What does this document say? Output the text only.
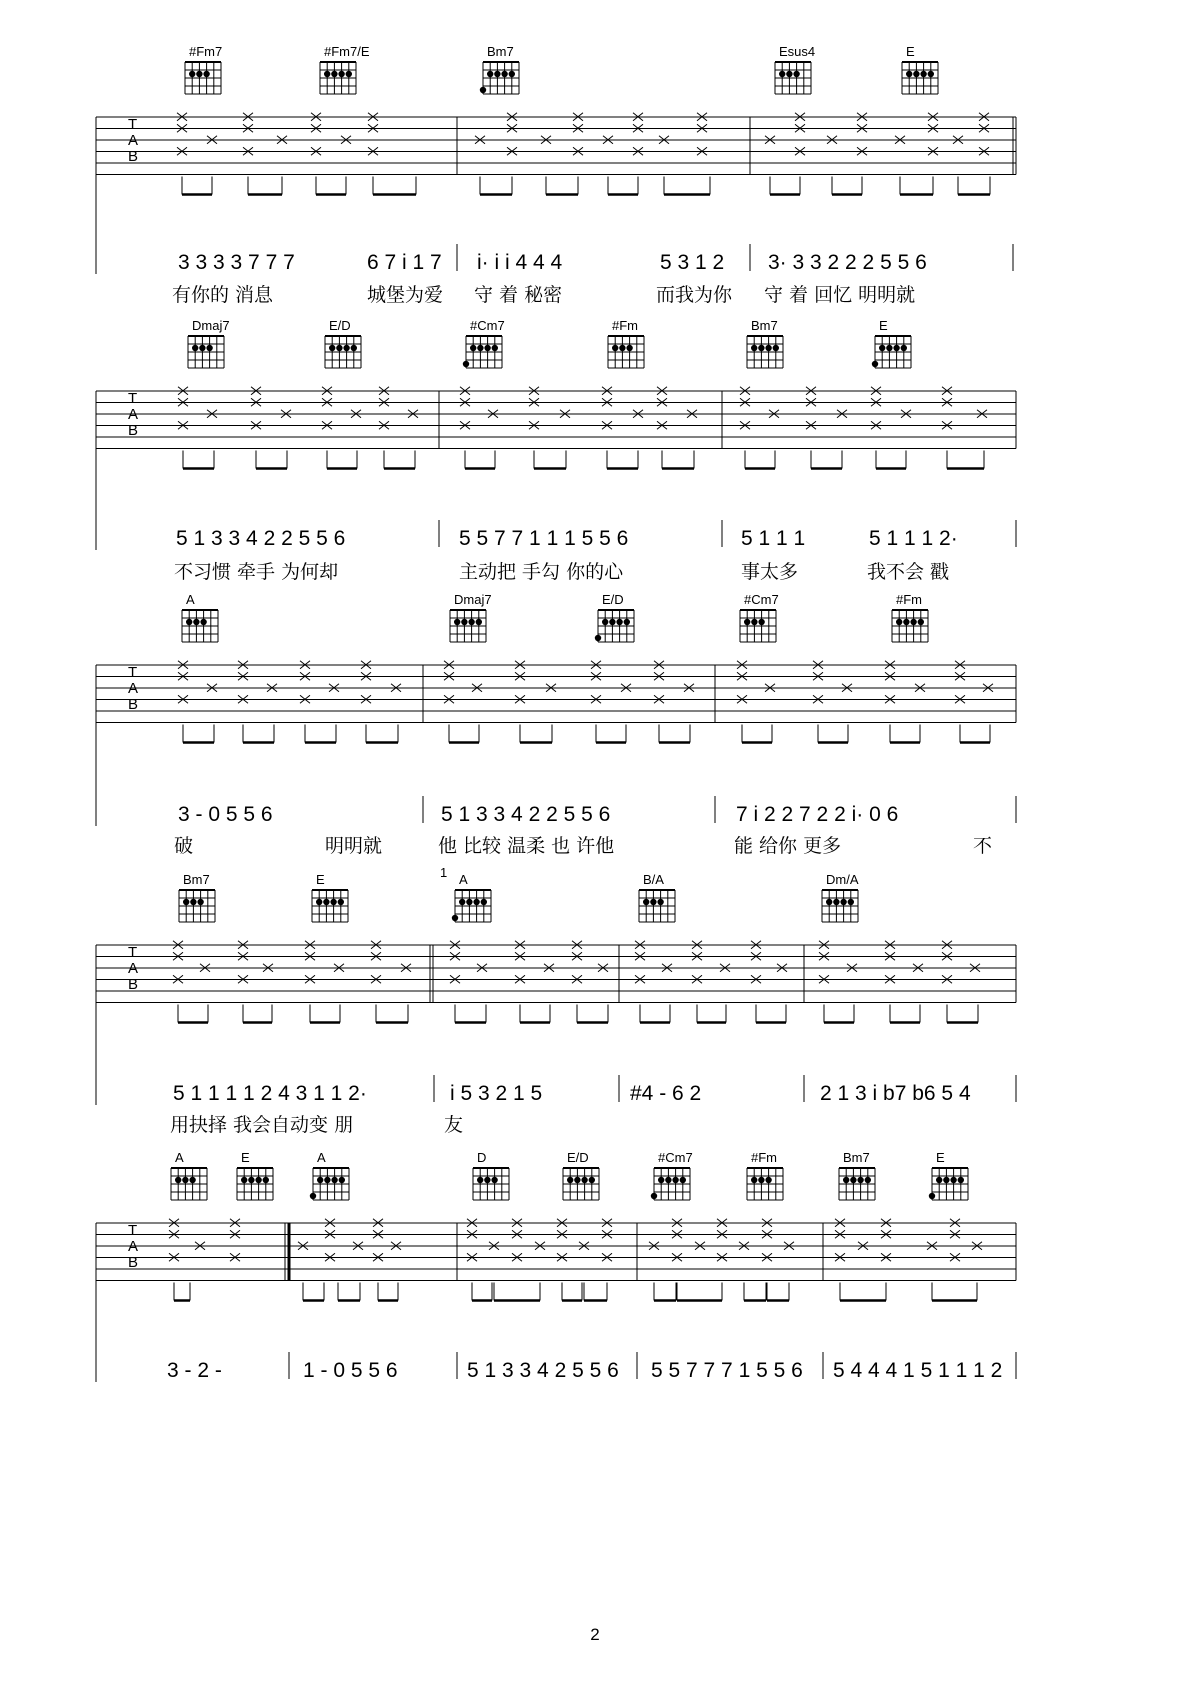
T
A
B
3 3 3 3 7 7 7	6 7 i 1 7 i· i i 4 4 4	5 3 1 2 3· 3 3 2 2 2 5 5 6
有你的 消息	城堡为爱 守 着 秘密	而我为你 守 着 回忆 明明就
#Fm7	#Fm7/E	Bm7	Esus4	E
T
A
B
5 1 3 3 4 2 2 5 5 6	5 5 7 7 1 1 1 5 5 6	5 1 1 1	5 1 1 1 2·
不习惯 牵手 为何却	主动把 手勾 你的心	事太多	我不会 戳
Dmaj7	E/D	#Cm7	#Fm	Bm7	E
T
A
B
3 - 0 5 5 6	5 1 3 3 4 2 2 5 5 6	7 i 2 2 7 2 2 i· 0 6
破	明明就	他 比较 温柔 也 许他	能 给你 更多	不
A	Dmaj7	E/D	#Cm7	#Fm
T
A
B
5 1 1 1 1 2 4 3 1 1 2·	i 5 3 2 1 5	#4 - 6 2	2 1 3 i b7 b6 5 4
用抉择 我会自动变 朋	友
Bm7	E	A	B/A	Dm/A
T
A
B
3 - 2 -	1 - 0 5 5 6	5 1 3 3 4 2 5 5 6 5 5 7 7 7 1 5 5 6 5 4 4 4 1 5 1 1 1 2
A	E	A	D	E/D	#Cm7	#Fm	Bm7	E
1
2
